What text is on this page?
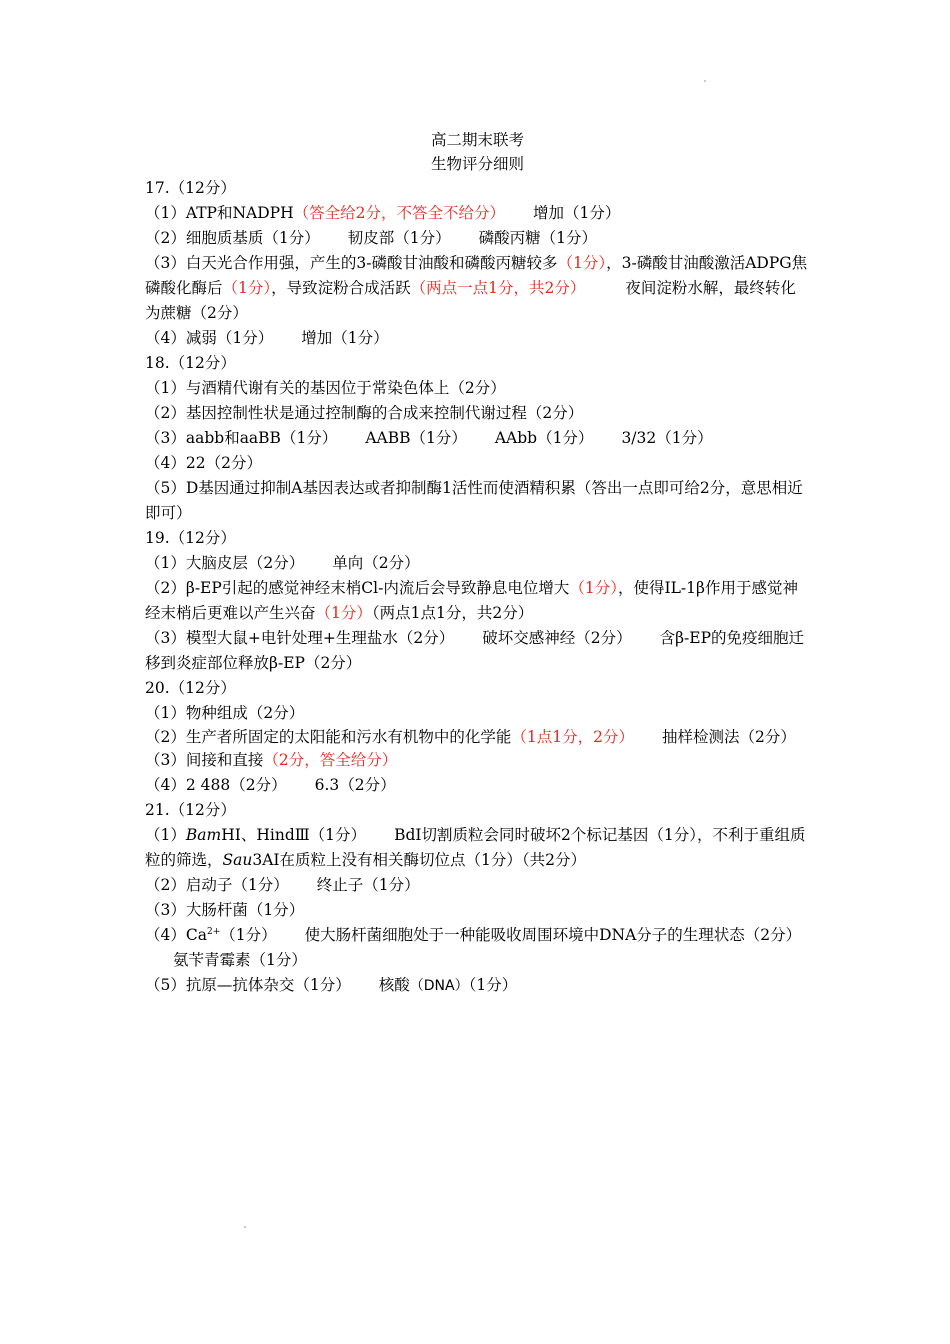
高二期末联考
生物评分细则
17.（12分）
（1）ATP和NADPH（答全给2分，不答全不给分） 增加（1分）
（2）细胞质基质（1分） 韧皮部（1分） 磷酸丙糖（1分）
（3）白天光合作用强，产生的3-磷酸甘油酸和磷酸丙糖较多（1分），3-磷酸甘油酸激活ADPG焦磷酸化酶后（1分），导致淀粉合成活跃（两点一点1分，共2分）	夜间淀粉水解，最终转化为蔗糖（2分）
（4）减弱（1分） 增加（1分）
18.（12分）
（1）与酒精代谢有关的基因位于常染色体上（2分）
（2）基因控制性状是通过控制酶的合成来控制代谢过程（2分）
（3）aabb和aaBB（1分） AABB（1分） AAbb（1分） 3/32（1分）
（4）22（2分）
（5）D基因通过抑制A基因表达或者抑制酶1活性而使酒精积累（答出一点即可给2分，意思相近即可）
19.（12分）
（1）大脑皮层（2分） 单向（2分）
（2）β-EP引起的感觉神经末梢Cl-内流后会导致静息电位增大（1分），使得IL-1β作用于感觉神经末梢后更难以产生兴奋（1分）（两点1点1分，共2分）
（3）模型大鼠+电针处理+生理盐水（2分） 破坏交感神经（2分） 含β-EP的免疫细胞迁移到炎症部位释放β-EP（2分）
20.（12分）
（1）物种组成（2分）
（2）生产者所固定的太阳能和污水有机物中的化学能（1点1分，2分） 抽样检测法（2分）
（3）间接和直接（2分，答全给分）
（4）2 488（2分） 6.3（2分）
21.（12分）
（1）BamHⅠ、HindⅢ（1分） BdI切割质粒会同时破坏2个标记基因（1分），不利于重组质粒的筛选，Sau3AⅠ在质粒上没有相关酶切位点（1分）（共2分）
（2）启动子（1分） 终止子（1分）
（3）大肠杆菌（1分）
$(4)Ca^{2+}(1$分） 使大肠杆菌细胞处于一种能吸收周围环境中DNA分子的生理状态（2分）氨苄青霉素（1分）
（5）抗原—抗体杂交（1分） 核酸（DNA）（1分）
